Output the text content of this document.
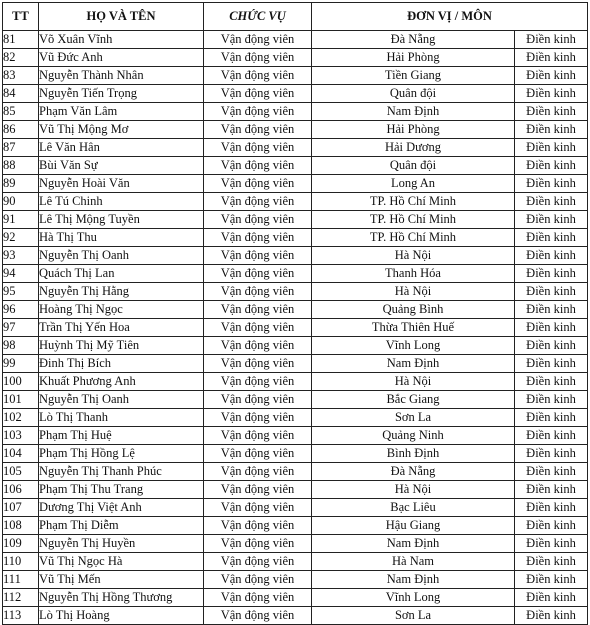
TT	HỌ VÀ TÊN	CHỨC VỤ	ĐƠN VỊ / MÔN	
81	Võ Xuân Vĩnh	Vận động viên	Đà Nẵng	Điền kinh
82	Vũ Đức Anh	Vận động viên	Hải Phòng	Điền kinh
83	Nguyễn Thành Nhân	Vận động viên	Tiền Giang	Điền kinh
84	Nguyễn Tiến Trọng	Vận động viên	Quân đội	Điền kinh
85	Phạm Văn Lâm	Vận động viên	Nam Định	Điền kinh
86	Vũ Thị Mộng Mơ	Vận động viên	Hải Phòng	Điền kinh
87	Lê Văn Hân	Vận động viên	Hải Dương	Điền kinh
88	Bùi Văn Sự	Vận động viên	Quân đội	Điền kinh
89	Nguyễn Hoài Văn	Vận động viên	Long An	Điền kinh
90	Lê Tú Chinh	Vận động viên	TP. Hồ Chí Minh	Điền kinh
91	Lê Thị Mộng Tuyền	Vận động viên	TP. Hồ Chí Minh	Điền kinh
92	Hà Thị Thu	Vận động viên	TP. Hồ Chí Minh	Điền kinh
93	Nguyễn Thị Oanh	Vận động viên	Hà Nội	Điền kinh
94	Quách Thị Lan	Vận động viên	Thanh Hóa	Điền kinh
95	Nguyễn Thị Hằng	Vận động viên	Hà Nội	Điền kinh
96	Hoàng Thị Ngọc	Vận động viên	Quảng Bình	Điền kinh
97	Trần Thị Yến Hoa	Vận động viên	Thừa Thiên Huế	Điền kinh
98	Huỳnh Thị Mỹ Tiên	Vận động viên	Vĩnh Long	Điền kinh
99	Đinh Thị Bích	Vận động viên	Nam Định	Điền kinh
100	Khuất Phương Anh	Vận động viên	Hà Nội	Điền kinh
101	Nguyễn Thị Oanh	Vận động viên	Bắc Giang	Điền kinh
102	Lò Thị Thanh	Vận động viên	Sơn La	Điền kinh
103	Phạm Thị Huệ	Vận động viên	Quảng Ninh	Điền kinh
104	Phạm Thị Hồng Lệ	Vận động viên	Bình Định	Điền kinh
105	Nguyễn Thị Thanh Phúc	Vận động viên	Đà Nẵng	Điền kinh
106	Phạm Thị Thu Trang	Vận động viên	Hà Nội	Điền kinh
107	Dương Thị Việt Anh	Vận động viên	Bạc Liêu	Điền kinh
108	Phạm Thị Diễm	Vận động viên	Hậu Giang	Điền kinh
109	Nguyễn Thị Huyền	Vận động viên	Nam Định	Điền kinh
110	Vũ Thị Ngọc Hà	Vận động viên	Hà Nam	Điền kinh
111	Vũ Thị Mến	Vận động viên	Nam Định	Điền kinh
112	Nguyễn Thị Hồng Thương	Vận động viên	Vĩnh Long	Điền kinh
113	Lò Thị Hoàng	Vận động viên	Sơn La	Điền kinh
